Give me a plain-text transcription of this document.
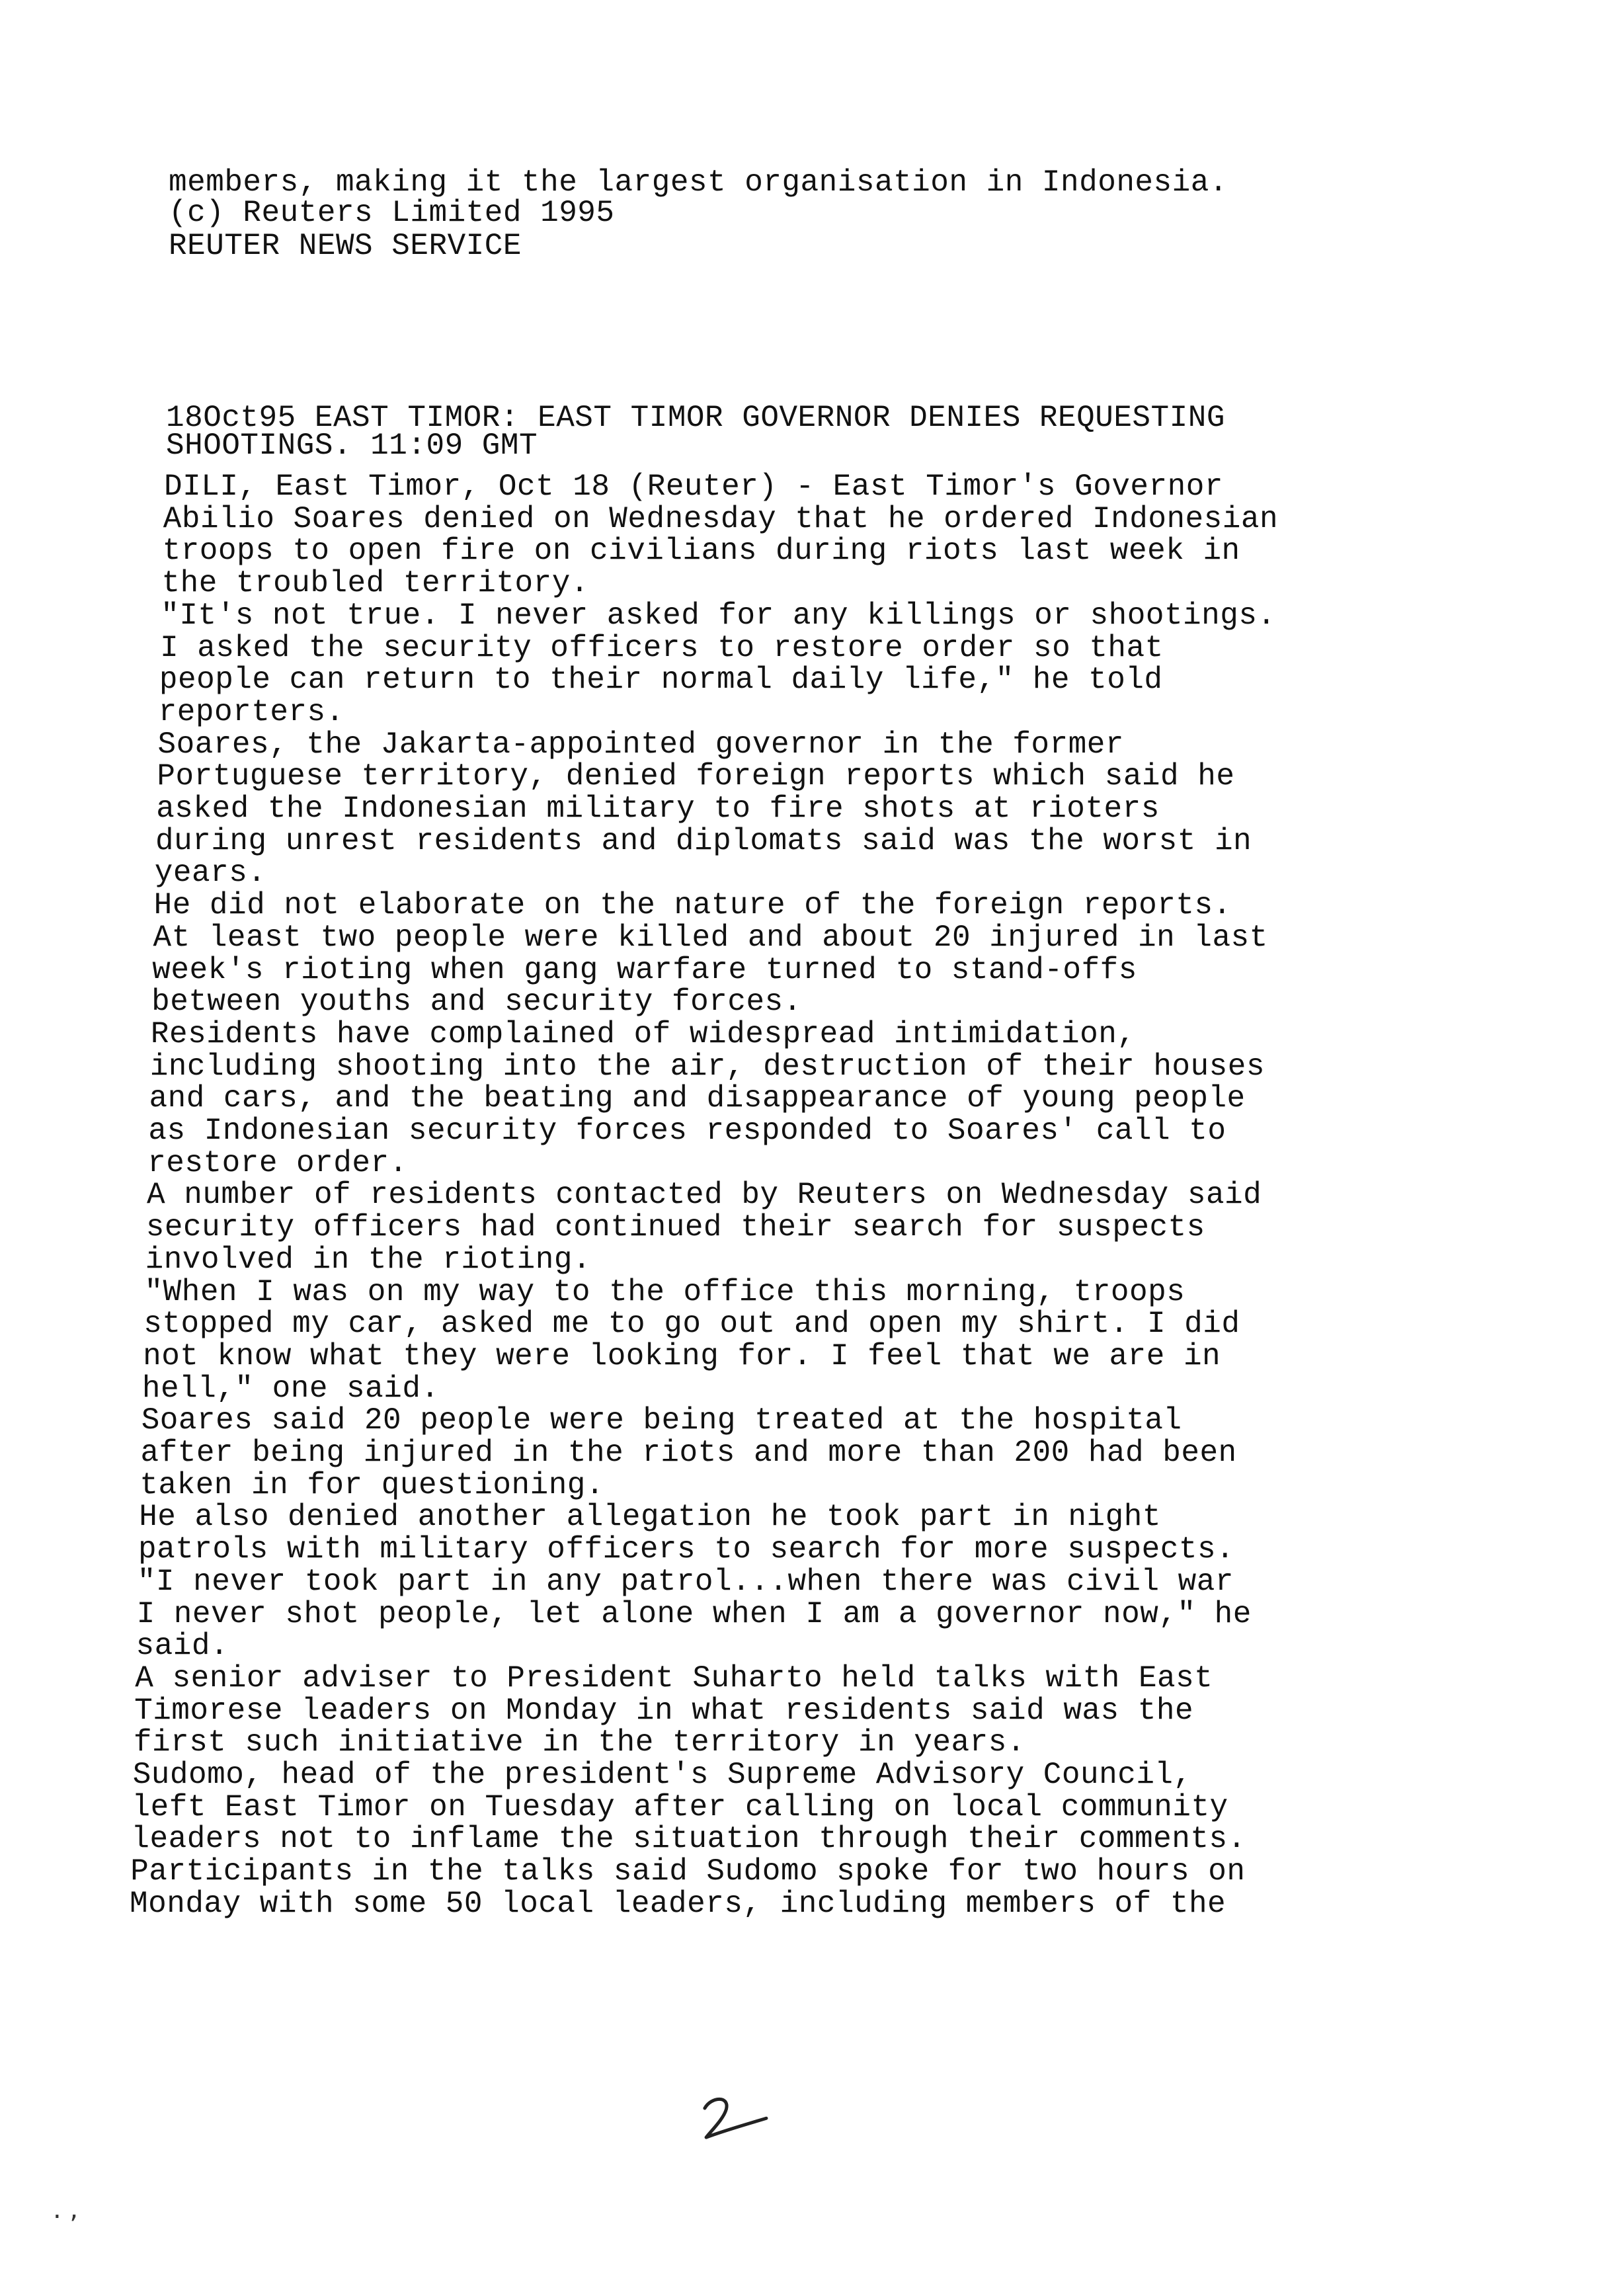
members, making it the largest organisation in Indonesia.
(c) Reuters Limited 1995
REUTER NEWS SERVICE
18Oct95 EAST TIMOR: EAST TIMOR GOVERNOR DENIES REQUESTING
SHOOTINGS. 11:09 GMT
DILI, East Timor, Oct 18 (Reuter) - East Timor's Governor
Abilio Soares denied on Wednesday that he ordered Indonesian
troops to open fire on civilians during riots last week in
the troubled territory.
"It's not true. I never asked for any killings or shootings.
I asked the security officers to restore order so that
people can return to their normal daily life," he told
reporters.
Soares, the Jakarta-appointed governor in the former
Portuguese territory, denied foreign reports which said he
asked the Indonesian military to fire shots at rioters
during unrest residents and diplomats said was the worst in
years.
He did not elaborate on the nature of the foreign reports.
At least two people were killed and about 20 injured in last
week's rioting when gang warfare turned to stand-offs
between youths and security forces.
Residents have complained of widespread intimidation,
including shooting into the air, destruction of their houses
and cars, and the beating and disappearance of young people
as Indonesian security forces responded to Soares' call to
restore order.
A number of residents contacted by Reuters on Wednesday said
security officers had continued their search for suspects
involved in the rioting.
"When I was on my way to the office this morning, troops
stopped my car, asked me to go out and open my shirt. I did
not know what they were looking for. I feel that we are in
hell," one said.
Soares said 20 people were being treated at the hospital
after being injured in the riots and more than 200 had been
taken in for questioning.
He also denied another allegation he took part in night
patrols with military officers to search for more suspects.
"I never took part in any patrol...when there was civil war
I never shot people, let alone when I am a governor now," he
said.
A senior adviser to President Suharto held talks with East
Timorese leaders on Monday in what residents said was the
first such initiative in the territory in years.
Sudomo, head of the president's Supreme Advisory Council,
left East Timor on Tuesday after calling on local community
leaders not to inflame the situation through their comments.
Participants in the talks said Sudomo spoke for two hours on
Monday with some 50 local leaders, including members of the
. ,
